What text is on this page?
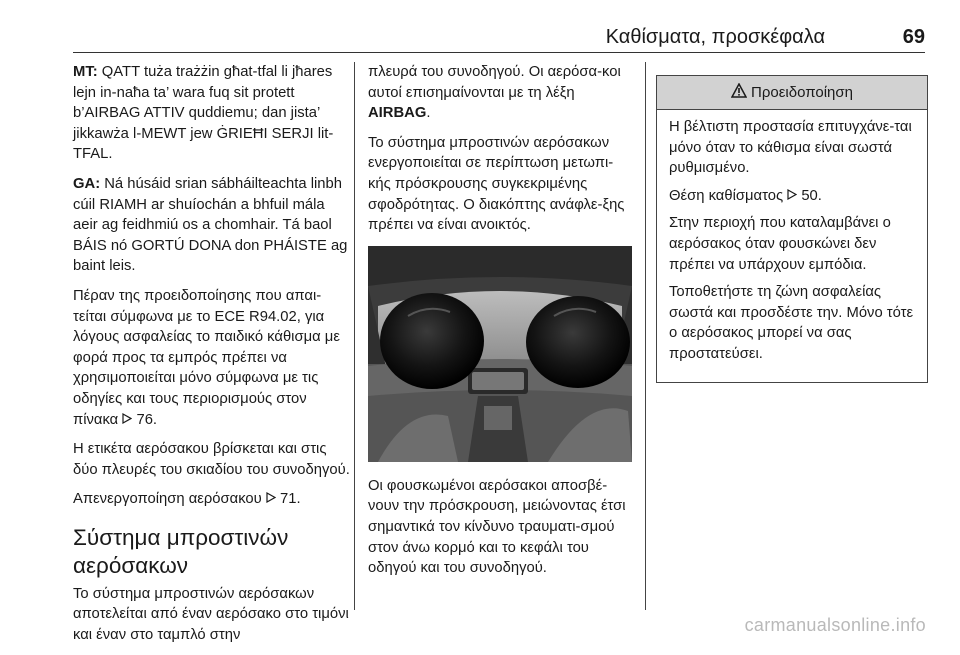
Καθίσματα, προσκέφαλα	69

MT: QATT tuża trażżin għat-tfal li jħares lejn in-naħa ta’ wara fuq sit protett b’AIRBAG ATTIV quddiemu; dan jista’ jikkawża l-MEWT jew ĠRIEĦI SERJI lit-TFAL.

GA: Ná húsáid srian sábháilteachta linbh cúil RIAMH ar shuíochán a bhfuil mála aeir ag feidhmiú os a chomhair. Tá baol BÁIS nó GORTÚ DONA don PHÁISTE ag baint leis.

Πέραν της προειδοποίησης που απαι-τείται σύμφωνα με το ECE R94.02, για λόγους ασφαλείας το παιδικό κάθισμα με φορά προς τα εμπρός πρέπει να χρησιμοποιείται μόνο σύμφωνα με τις οδηγίες και τους περιορισμούς στον πίνακα  76.

Η ετικέτα αερόσακου βρίσκεται και στις δύο πλευρές του σκιαδίου του συνοδηγού.

Απενεργοποίηση αερόσακου  71.

Σύστημα μπροστινών αερόσακων

Το σύστημα μπροστινών αερόσακων αποτελείται από έναν αερόσακο στο τιμόνι και έναν στο ταμπλό στην

πλευρά του συνοδηγού. Οι αερόσα-κοι αυτοί επισημαίνονται με τη λέξη AIRBAG.

Το σύστημα μπροστινών αερόσακων ενεργοποιείται σε περίπτωση μετωπι-κής πρόσκρουσης συγκεκριμένης σφοδρότητας. Ο διακόπτης ανάφλε-ξης πρέπει να είναι ανοικτός.

Οι φουσκωμένοι αερόσακοι αποσβέ-νουν την πρόσκρουση, μειώνοντας έτσι σημαντικά τον κίνδυνο τραυματι-σμού στον άνω κορμό και το κεφάλι του οδηγού και του συνοδηγού.

Προειδοποίηση

Η βέλτιστη προστασία επιτυγχάνε-ται μόνο όταν το κάθισμα είναι σωστά ρυθμισμένο.

Θέση καθίσματος  50.

Στην περιοχή που καταλαμβάνει ο αερόσακος όταν φουσκώνει δεν πρέπει να υπάρχουν εμπόδια.

Τοποθετήστε τη ζώνη ασφαλείας σωστά και προσδέστε την. Μόνο τότε ο αερόσακος μπορεί να σας προστατεύσει.

carmanualsonline.info
